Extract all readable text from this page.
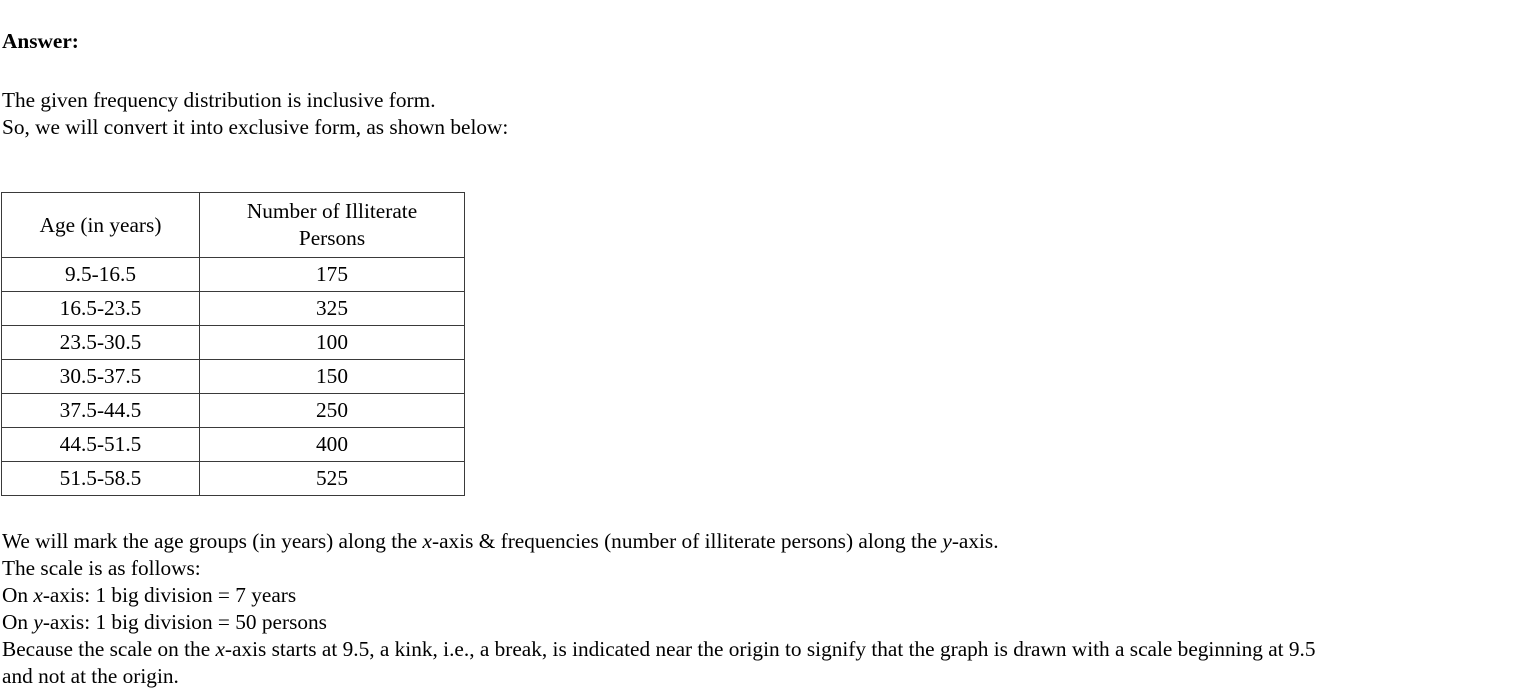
Answer:
The given frequency distribution is inclusive form.
So, we will convert it into exclusive form, as shown below:
Age (in years)	Number of Illiterate Persons
9.5-16.5	175
16.5-23.5	325
23.5-30.5	100
30.5-37.5	150
37.5-44.5	250
44.5-51.5	400
51.5-58.5	525
We will mark the age groups (in years) along the x-axis & frequencies (number of illiterate persons) along the y-axis.
The scale is as follows:
On x-axis: 1 big division = 7 years
On y-axis: 1 big division = 50 persons
Because the scale on the x-axis starts at 9.5, a kink, i.e., a break, is indicated near the origin to signify that the graph is drawn with a scale beginning at 9.5
and not at the origin.
